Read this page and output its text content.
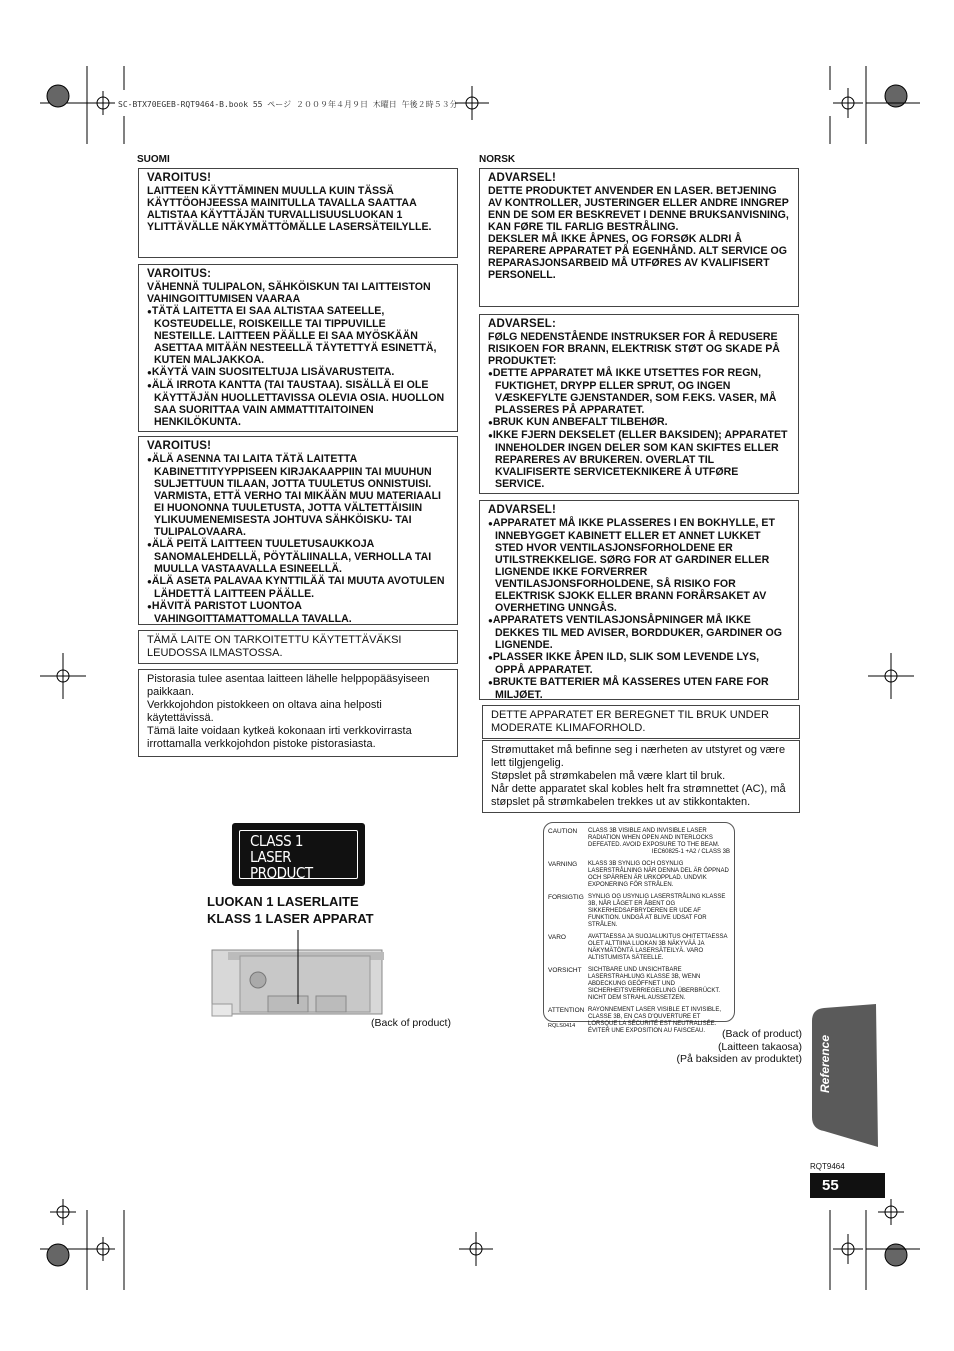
SC-BTX70EGEB-RQT9464-B.book 55 ページ ２００９年４月９日 木曜日 午後２時５３分
SUOMI
VAROITUS!
LAITTEEN KÄYTTÄMINEN MUULLA KUIN TÄSSÄ KÄYTTÖOHJEESSA MAINITULLA TAVALLA SAATTAA ALTISTAA KÄYTTÄJÄN TURVALLISUUSLUOKAN 1 YLITTÄVÄLLE NÄKYMÄTTÖMÄLLE LASERSÄTEILYLLE.
VAROITUS:
VÄHENNÄ TULIPALON, SÄHKÖISKUN TAI LAITTEISTON VAHINGOITTUMISEN VAARAA

● TÄTÄ LAITETTA EI SAA ALTISTAA SATEELLE, KOSTEUDELLE, ROISKEILLE TAI TIPPUVILLE NESTEILLE. LAITTEEN PÄÄLLE EI SAA MYÖSKÄÄN ASETTAA MITÄÄN NESTEELLÄ TÄYTETTYÄ ESINETTÄ, KUTEN MALJAKKOA.

● KÄYTÄ VAIN SUOSITELTUJA LISÄVARUSTEITA.

● ÄLÄ IRROTA KANTTA (TAI TAUSTAA). SISÄLLÄ EI OLE KÄYTTÄJÄN HUOLLETTAVISSA OLEVIA OSIA. HUOLLON SAA SUORITTAA VAIN AMMATTITAITOINEN HENKILÖKUNTA.

VAROITUS!

● ÄLÄ ASENNA TAI LAITA TÄTÄ LAITETTA KABINETTITYYPPISEEN KIRJAKAAPPIIN TAI MUUHUN SULJETTUUN TILAAN, JOTTA TUULETUS ONNISTUISI. VARMISTA, ETTÄ VERHO TAI MIKÄÄN MUU MATERIAALI EI HUONONNA TUULETUSTA, JOTTA VÄLTETTÄISIIN YLIKUUMENEMISESTA JOHTUVA SÄHKÖISKU- TAI TULIPALOVAARA.

● ÄLÄ PEITÄ LAITTEEN TUULETUSAUKKOJA SANOMALEHDELLÄ, PÖYTÄLIINALLA, VERHOLLA TAI MUULLA VASTAAVALLA ESINEELLÄ.

● ÄLÄ ASETA PALAVAA KYNTTILÄÄ TAI MUUTA AVOTULEN LÄHDETTÄ LAITTEEN PÄÄLLE.

● HÄVITÄ PARISTOT LUONTOA VAHINGOITTAMATTOMALLA TAVALLA.

TÄMÄ LAITE ON TARKOITETTU KÄYTETTÄVÄKSI LEUDOSSA ILMASTOSSA.

Pistorasia tulee asentaa laitteen lähelle helppopääsyiseen paikkaan.

Verkkojohdon pistokkeen on oltava aina helposti käytettävissä.

Tämä laite voidaan kytkeä kokonaan irti verkkovirrasta irrottamalla verkkojohdon pistoke pistorasiasta.

NORSK
ADVARSEL!

DETTE PRODUKTET ANVENDER EN LASER. BETJENING AV KONTROLLER, JUSTERINGER ELLER ANDRE INNGREP ENN DE SOM ER BESKREVET I DENNE BRUKSANVISNING, KAN FØRE TIL FARLIG BESTRÅLING.

DEKSLER MÅ IKKE ÅPNES, OG FORSØK ALDRI Å REPARERE APPARATET PÅ EGENHÅND. ALT SERVICE OG REPARASJONSARBEID MÅ UTFØRES AV KVALIFISERT PERSONELL.

ADVARSEL:
FØLG NEDENSTÅENDE INSTRUKSER FOR Å REDUSERE RISIKOEN FOR BRANN, ELEKTRISK STØT OG SKADE PÅ PRODUKTET:

● DETTE APPARATET MÅ IKKE UTSETTES FOR REGN, FUKTIGHET, DRYPP ELLER SPRUT, OG INGEN VÆSKEFYLTE GJENSTANDER, SOM F.EKS. VASER, MÅ PLASSERES PÅ APPARATET.

● BRUK KUN ANBEFALT TILBEHØR.

● IKKE FJERN DEKSELET (ELLER BAKSIDEN); APPARATET INNEHOLDER INGEN DELER SOM KAN SKIFTES ELLER REPARERES AV BRUKEREN. OVERLAT TIL KVALIFISERTE SERVICETEKNIKERE Å UTFØRE SERVICE.

ADVARSEL!

● APPARATET MÅ IKKE PLASSERES I EN BOKHYLLE, ET INNEBYGGET KABINETT ELLER ET ANNET LUKKET STED HVOR VENTILASJONSFORHOLDENE ER UTILSTREKKELIGE. SØRG FOR AT GARDINER ELLER LIGNENDE IKKE FORVERRER VENTILASJONSFORHOLDENE, SÅ RISIKO FOR ELEKTRISK SJOKK ELLER BRANN FORÅRSAKET AV OVERHETING UNNGÅS.

● APPARATETS VENTILASJONSÅPNINGER MÅ IKKE DEKKES TIL MED AVISER, BORDDUKER, GARDINER OG LIGNENDE.

● PLASSER IKKE ÅPEN ILD, SLIK SOM LEVENDE LYS, OPPÅ APPARATET.

● BRUKTE BATTERIER MÅ KASSERES UTEN FARE FOR MILJØET.

DETTE APPARATET ER BEREGNET TIL BRUK UNDER MODERATE KLIMAFORHOLD.

Strømuttaket må befinne seg i nærheten av utstyret og være lett tilgjengelig.

Støpslet på strømkabelen må være klart til bruk.

Når dette apparatet skal kobles helt fra strømnettet (AC), må støpslet på strømkabelen trekkes ut av stikkontakten.

CLASS 1
LASER PRODUCT
LUOKAN 1 LASERLAITE
KLASS 1 LASER APPARAT
(Back of product)
CAUTION	CLASS 3B VISIBLE AND INVISIBLE LASER RADIATION WHEN OPEN AND INTERLOCKS DEFEATED. AVOID EXPOSURE TO THE BEAM.
IEC60825-1 +A2 / CLASS 3B
VARNING	KLASS 3B SYNLIG OCH OSYNLIG LASERSTRÅLNING NÄR DENNA DEL ÄR ÖPPNAD OCH SPÄRREN ÄR URKOPPLAD. UNDVIK EXPONERING FÖR STRÅLEN.
FORSIGTIG SYNLIG OG USYNLIG LASERSTRÅLING KLASSE 3B, NÅR LÅGET ER ÅBENT OG SIKKERHEDSAFBRYDEREN ER UDE AF FUNKTION. UNDGÅ AT BLIVE UDSAT FOR STRÅLEN.
VARO	AVATTAESSA JA SUOJALUKITUS OHITETTAESSA OLET ALTTIINA LUOKAN 3B NÄKYVÄÄ JA NÄKYMÄTÖNTÄ LASERSÄTEILYÄ. VARO ALTISTUMISTA SÄTEELLE.
VORSICHT	SICHTBARE UND UNSICHTBARE LASERSTRAHLUNG KLASSE 3B, WENN ABDECKUNG GEÖFFNET UND SICHERHEITSVERRIEGELUNG ÜBERBRÜCKT. NICHT DEM STRAHL AUSSETZEN.
ATTENTION RAYONNEMENT LASER VISIBLE ET INVISIBLE, CLASSE 3B, EN CAS D'OUVERTURE ET LORSQUE LA SÉCURITÉ EST NEUTRALISÉE. ÉVITER UNE EXPOSITION AU FAISCEAU.
RQLS0414
(Back of product)
(Laitteen takaosa)
(På baksiden av produktet) Reference
RQT9464
55
